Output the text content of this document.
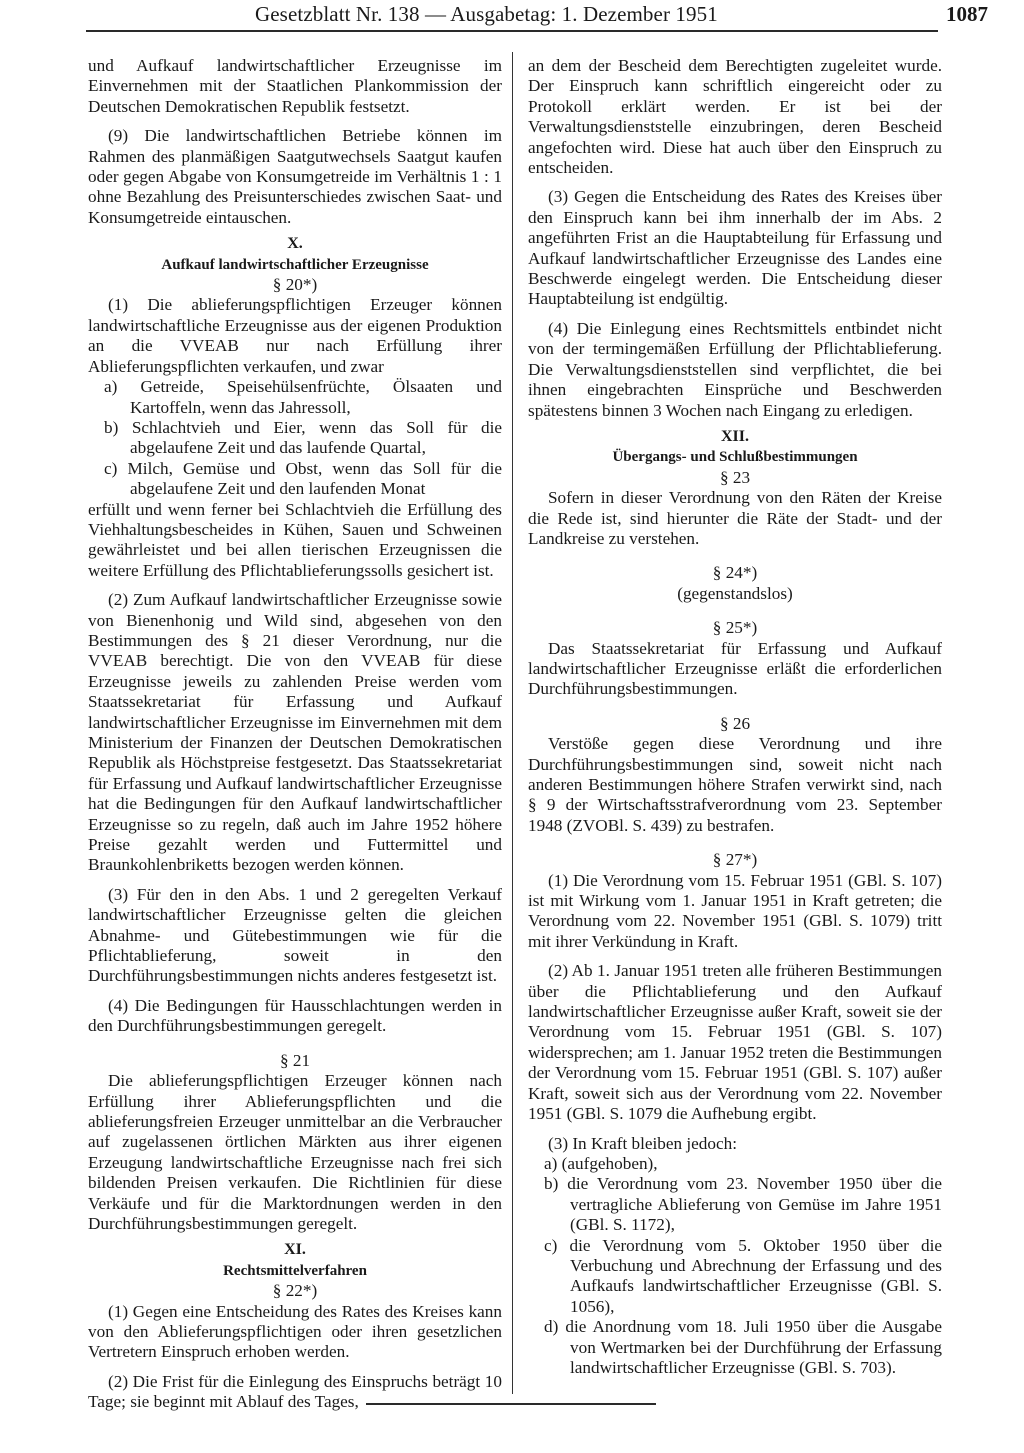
Gesetzblatt Nr. 138 — Ausgabetag: 1. Dezember 1951	1087
und Aufkauf landwirtschaftlicher Erzeugnisse im Einvernehmen mit der Staatlichen Plankommission der Deutschen Demokratischen Republik festsetzt.
(9) Die landwirtschaftlichen Betriebe können im Rahmen des planmäßigen Saatgutwechsels Saatgut kaufen oder gegen Abgabe von Konsumgetreide im Verhältnis 1 : 1 ohne Bezahlung des Preisunterschiedes zwischen Saat- und Konsumgetreide eintauschen.
X.
Aufkauf landwirtschaftlicher Erzeugnisse
§ 20*)
(1) Die ablieferungspflichtigen Erzeuger können landwirtschaftliche Erzeugnisse aus der eigenen Produktion an die VVEAB nur nach Erfüllung ihrer Ablieferungspflichten verkaufen, und zwar
a) Getreide, Speisehülsenfrüchte, Ölsaaten und Kartoffeln, wenn das Jahressoll,
b) Schlachtvieh und Eier, wenn das Soll für die abgelaufene Zeit und das laufende Quartal,
c) Milch, Gemüse und Obst, wenn das Soll für die abgelaufene Zeit und den laufenden Monat
erfüllt und wenn ferner bei Schlachtvieh die Erfüllung des Viehhaltungsbescheides in Kühen, Sauen und Schweinen gewährleistet und bei allen tierischen Erzeugnissen die weitere Erfüllung des Pflichtablieferungssolls gesichert ist.
(2) Zum Aufkauf landwirtschaftlicher Erzeugnisse sowie von Bienenhonig und Wild sind, abgesehen von den Bestimmungen des § 21 dieser Verordnung, nur die VVEAB berechtigt. Die von den VVEAB für diese Erzeugnisse jeweils zu zahlenden Preise werden vom Staatssekretariat für Erfassung und Aufkauf landwirtschaftlicher Erzeugnisse im Einvernehmen mit dem Ministerium der Finanzen der Deutschen Demokratischen Republik als Höchstpreise festgesetzt. Das Staatssekretariat für Erfassung und Aufkauf landwirtschaftlicher Erzeugnisse hat die Bedingungen für den Aufkauf landwirtschaftlicher Erzeugnisse so zu regeln, daß auch im Jahre 1952 höhere Preise gezahlt werden und Futtermittel und Braunkohlenbriketts bezogen werden können.
(3) Für den in den Abs. 1 und 2 geregelten Verkauf landwirtschaftlicher Erzeugnisse gelten die gleichen Abnahme- und Gütebestimmungen wie für die Pflichtablieferung, soweit in den Durchführungsbestimmungen nichts anderes festgesetzt ist.
(4) Die Bedingungen für Hausschlachtungen werden in den Durchführungsbestimmungen geregelt.
§ 21
Die ablieferungspflichtigen Erzeuger können nach Erfüllung ihrer Ablieferungspflichten und die ablieferungsfreien Erzeuger unmittelbar an die Verbraucher auf zugelassenen örtlichen Märkten aus ihrer eigenen Erzeugung landwirtschaftliche Erzeugnisse nach frei sich bildenden Preisen verkaufen. Die Richtlinien für diese Verkäufe und für die Marktordnungen werden in den Durchführungsbestimmungen geregelt.
XI.
Rechtsmittelverfahren
§ 22*)
(1) Gegen eine Entscheidung des Rates des Kreises kann von den Ablieferungspflichtigen oder ihren gesetzlichen Vertretern Einspruch erhoben werden.
(2) Die Frist für die Einlegung des Einspruchs beträgt 10 Tage; sie beginnt mit Ablauf des Tages,
an dem der Bescheid dem Berechtigten zugeleitet wurde. Der Einspruch kann schriftlich eingereicht oder zu Protokoll erklärt werden. Er ist bei der Verwaltungsdienststelle einzubringen, deren Bescheid angefochten wird. Diese hat auch über den Einspruch zu entscheiden.
(3) Gegen die Entscheidung des Rates des Kreises über den Einspruch kann bei ihm innerhalb der im Abs. 2 angeführten Frist an die Hauptabteilung für Erfassung und Aufkauf landwirtschaftlicher Erzeugnisse des Landes eine Beschwerde eingelegt werden. Die Entscheidung dieser Hauptabteilung ist endgültig.
(4) Die Einlegung eines Rechtsmittels entbindet nicht von der termingemäßen Erfüllung der Pflichtablieferung. Die Verwaltungsdienststellen sind verpflichtet, die bei ihnen eingebrachten Einsprüche und Beschwerden spätestens binnen 3 Wochen nach Eingang zu erledigen.
XII.
Übergangs- und Schlußbestimmungen
§ 23
Sofern in dieser Verordnung von den Räten der Kreise die Rede ist, sind hierunter die Räte der Stadt- und der Landkreise zu verstehen.
§ 24*)
(gegenstandslos)
§ 25*)
Das Staatssekretariat für Erfassung und Aufkauf landwirtschaftlicher Erzeugnisse erläßt die erforderlichen Durchführungsbestimmungen.
§ 26
Verstöße gegen diese Verordnung und ihre Durchführungsbestimmungen sind, soweit nicht nach anderen Bestimmungen höhere Strafen verwirkt sind, nach § 9 der Wirtschaftsstrafverordnung vom 23. September 1948 (ZVOBl. S. 439) zu bestrafen.
§ 27*)
(1) Die Verordnung vom 15. Februar 1951 (GBl. S. 107) ist mit Wirkung vom 1. Januar 1951 in Kraft getreten; die Verordnung vom 22. November 1951 (GBl. S. 1079) tritt mit ihrer Verkündung in Kraft.
(2) Ab 1. Januar 1951 treten alle früheren Bestimmungen über die Pflichtablieferung und den Aufkauf landwirtschaftlicher Erzeugnisse außer Kraft, soweit sie der Verordnung vom 15. Februar 1951 (GBl. S. 107) widersprechen; am 1. Januar 1952 treten die Bestimmungen der Verordnung vom 15. Februar 1951 (GBl. S. 107) außer Kraft, soweit sich aus der Verordnung vom 22. November 1951 (GBl. S. 1079 die Aufhebung ergibt.
(3) In Kraft bleiben jedoch:
a) (aufgehoben),
b) die Verordnung vom 23. November 1950 über die vertragliche Ablieferung von Gemüse im Jahre 1951 (GBl. S. 1172),
c) die Verordnung vom 5. Oktober 1950 über die Verbuchung und Abrechnung der Erfassung und des Aufkaufs landwirtschaftlicher Erzeugnisse (GBl. S. 1056),
d) die Anordnung vom 18. Juli 1950 über die Ausgabe von Wertmarken bei der Durchführung der Erfassung landwirtschaftlicher Erzeugnisse (GBl. S. 703).
